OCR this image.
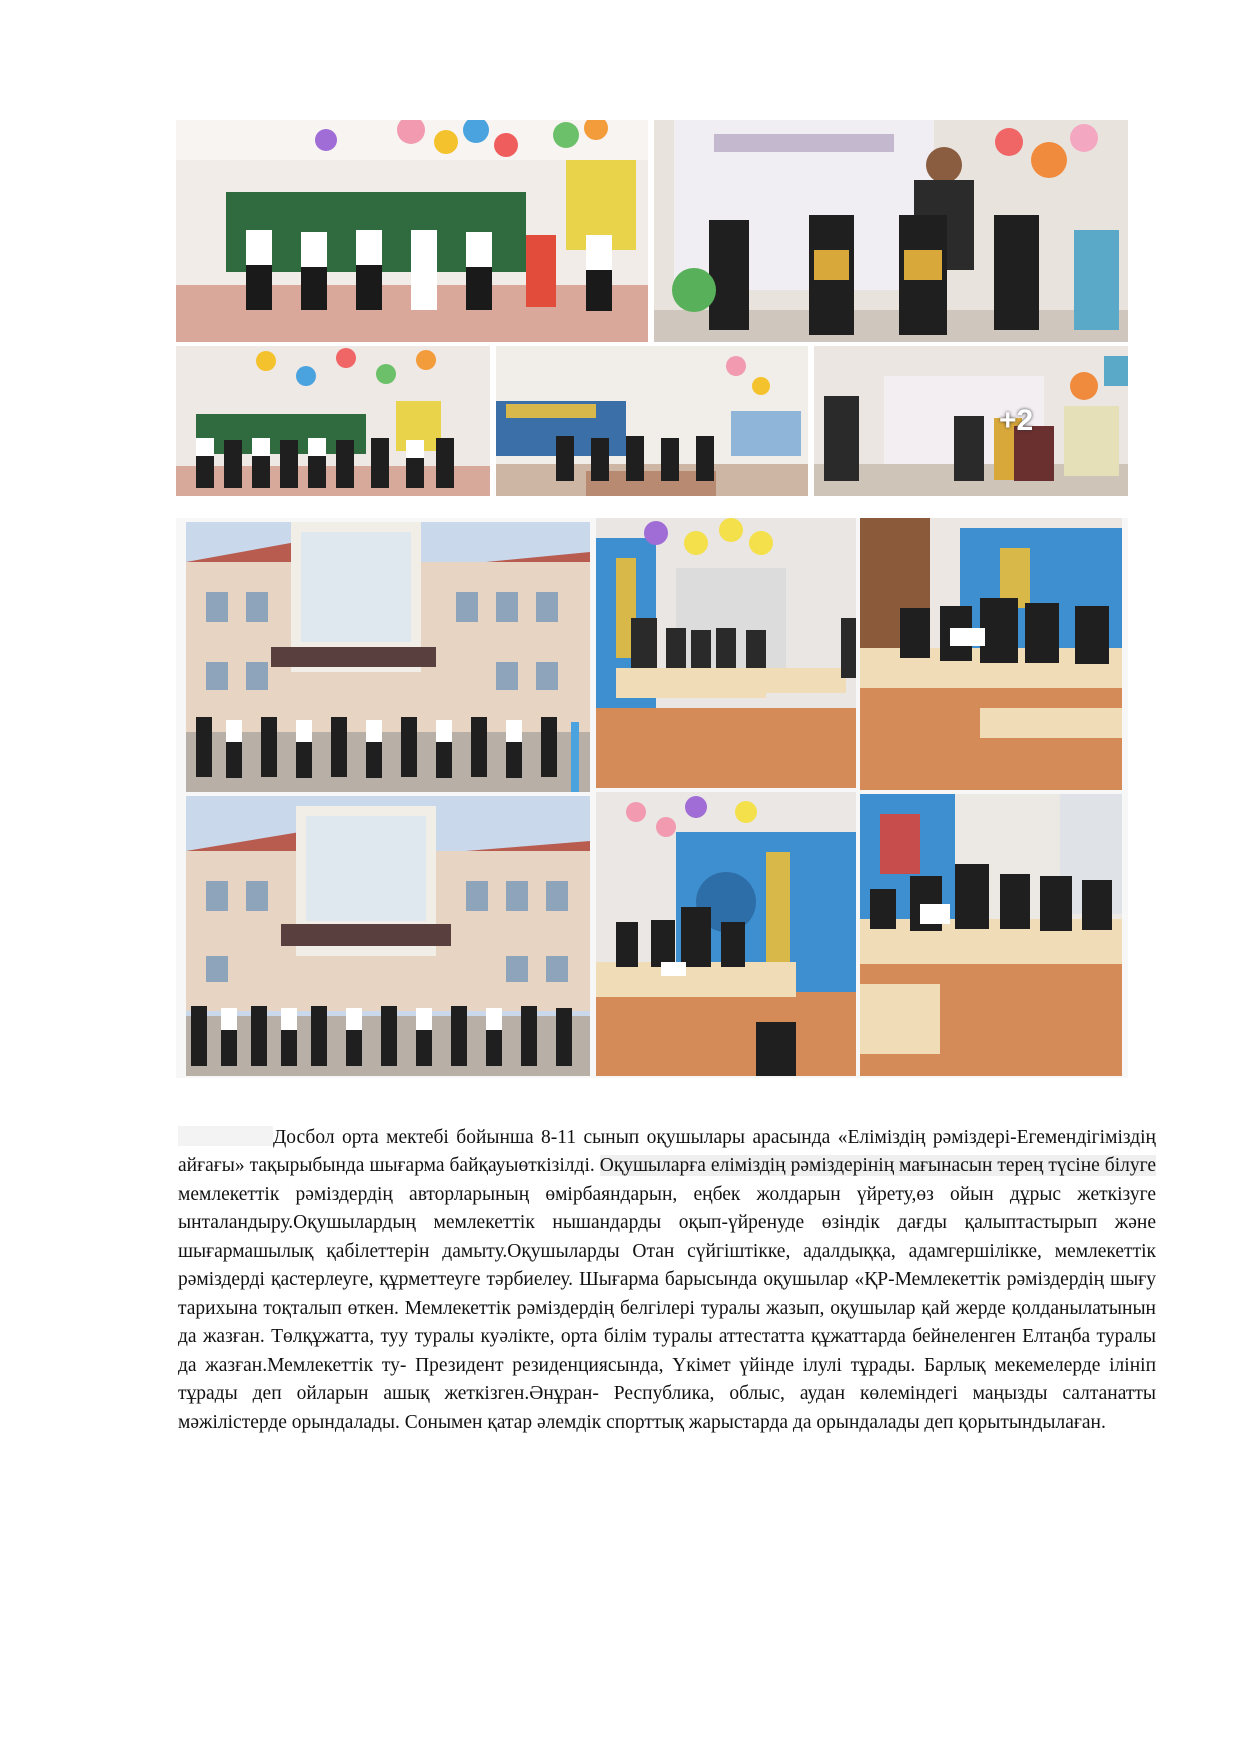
+2

Досбол орта мектебі бойынша 8-11 сынып оқушылары арасында «Еліміздің рәміздері-Егемендігіміздің айғағы» тақырыбында шығарма байқауыөткізілді. Оқушыларға еліміздің рәміздерінің мағынасын терең түсіне білуге мемлекеттік рәміздердің авторларының өмірбаяндарын, еңбек жолдарын үйрету,өз ойын дұрыс жеткізуге ынталандыру.Оқушылардың мемлекеттік нышандарды оқып-үйренуде өзіндік дағды қалыптастырып және шығармашылық қабілеттерін дамыту.Оқушыларды Отан сүйгіштікке, адалдыққа, адамгершілікке, мемлекеттік рәміздерді қастерлеуге, құрметтеуге тәрбиелеу. Шығарма барысында оқушылар «ҚР-Мемлекеттік рәміздердің шығу тарихына тоқталып өткен. Мемлекеттік рәміздердің белгілері туралы жазып, оқушылар қай жерде қолданылатынын да жазған. Төлқұжатта, туу туралы куәлікте, орта білім туралы аттестатта құжаттарда бейнеленген Елтаңба туралы да жазған.Мемлекеттік ту- Президент резиденциясында, Үкімет үйінде ілулі тұрады. Барлық мекемелерде ілініп тұрады деп ойларын ашық жеткізген.Әнұран- Республика, облыс, аудан көлеміндегі маңызды салтанатты мәжілістерде орындалады. Сонымен қатар әлемдік спорттық жарыстарда да орындалады деп қорытындылаған.
